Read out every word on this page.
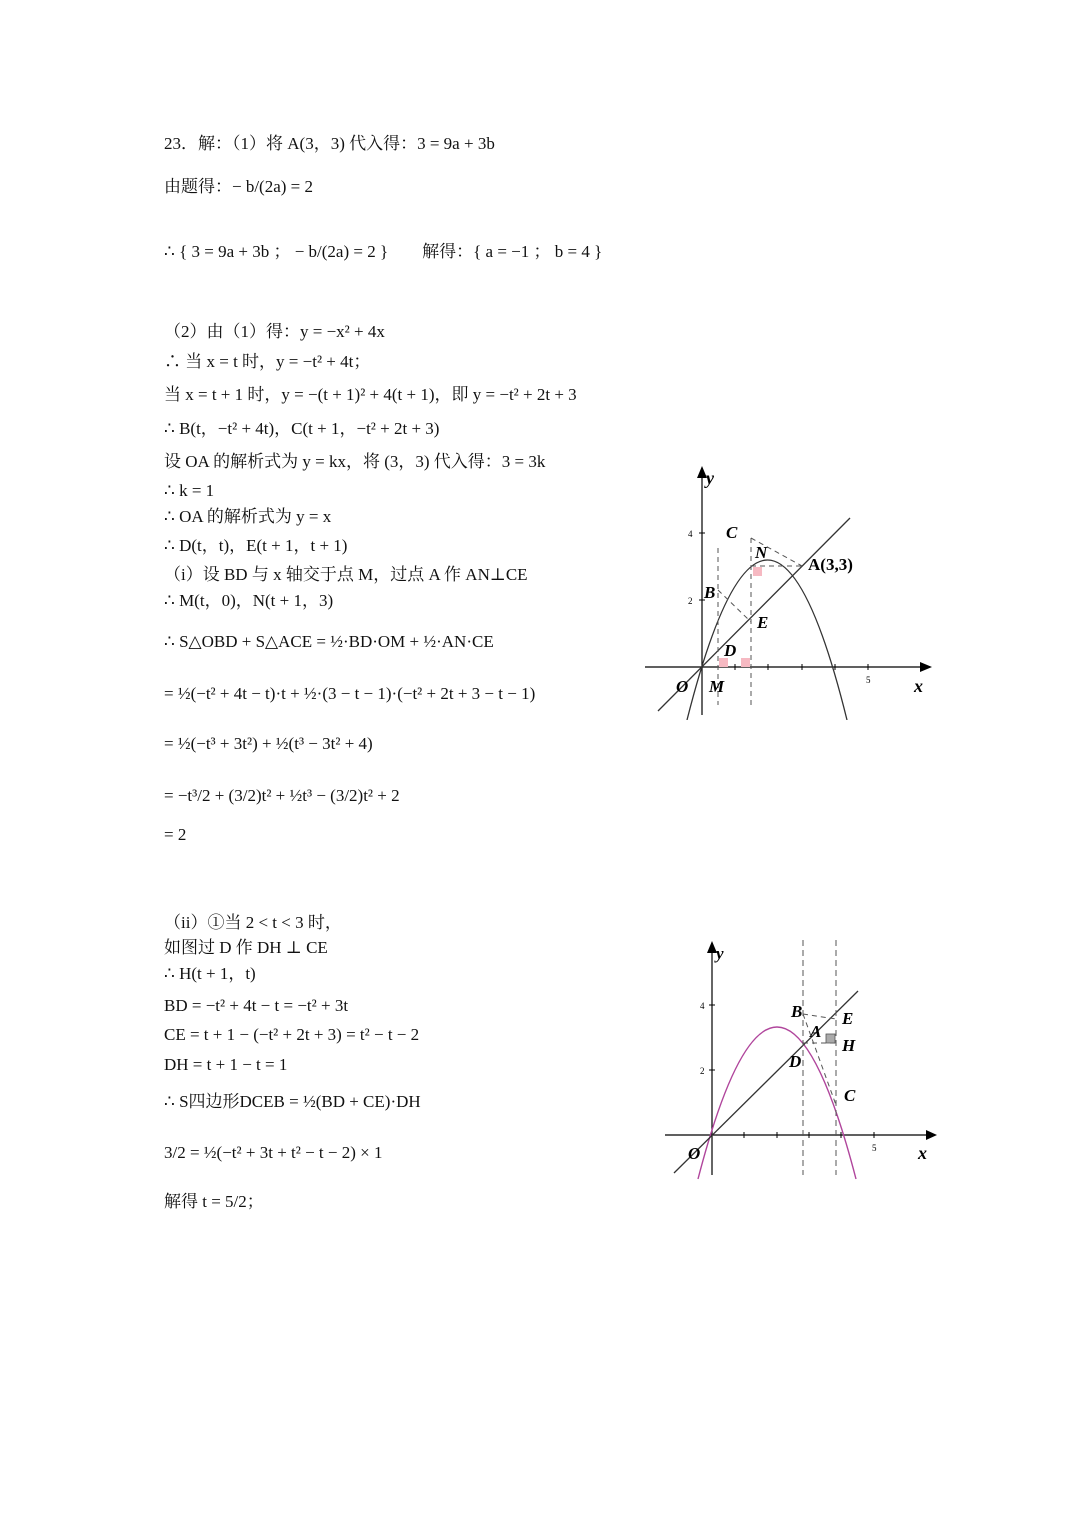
23．解：（1）将 A(3，3) 代入得：3 = 9a + 3b
由题得：− b/(2a) = 2
∴ { 3 = 9a + 3b ； − b/(2a) = 2 }　　解得：{ a = −1 ； b = 4 }
（2）由（1）得：y = −x² + 4x
∴ 当 x = t 时，y = −t² + 4t；
当 x = t + 1 时，y = −(t + 1)² + 4(t + 1)，即 y = −t² + 2t + 3
∴ B(t，−t² + 4t)，C(t + 1，−t² + 2t + 3)
设 OA 的解析式为 y = kx，将 (3，3) 代入得：3 = 3k
∴ k = 1
∴ OA 的解析式为 y = x
∴ D(t，t)，E(t + 1，t + 1)
（i）设 BD 与 x 轴交于点 M，过点 A 作 AN⊥CE
∴ M(t，0)，N(t + 1，3)
∴ S△OBD + S△ACE = ½·BD·OM + ½·AN·CE
= ½(−t² + 4t − t)·t + ½·(3 − t − 1)·(−t² + 2t + 3 − t − 1)
= ½(−t³ + 3t²) + ½(t³ − 3t² + 4)
= −t³/2 + (3/2)t² + ½t³ − (3/2)t² + 2
= 2
（ii）①当 2 < t < 3 时，
如图过 D 作 DH ⊥ CE
∴ H(t + 1，t)
BD = −t² + 4t − t = −t² + 3t
CE = t + 1 − (−t² + 2t + 3) = t² − t − 2
DH = t + 1 − t = 1
∴ S四边形DCEB = ½(BD + CE)·DH
3/2 = ½(−t² + 3t + t² − t − 2) × 1
解得 t = 5/2；
2
4
5
y
x
O
C
N
A(3,3)
B
E
D
M
2
4
5
y
x
O
B
A
E
H
D
C
